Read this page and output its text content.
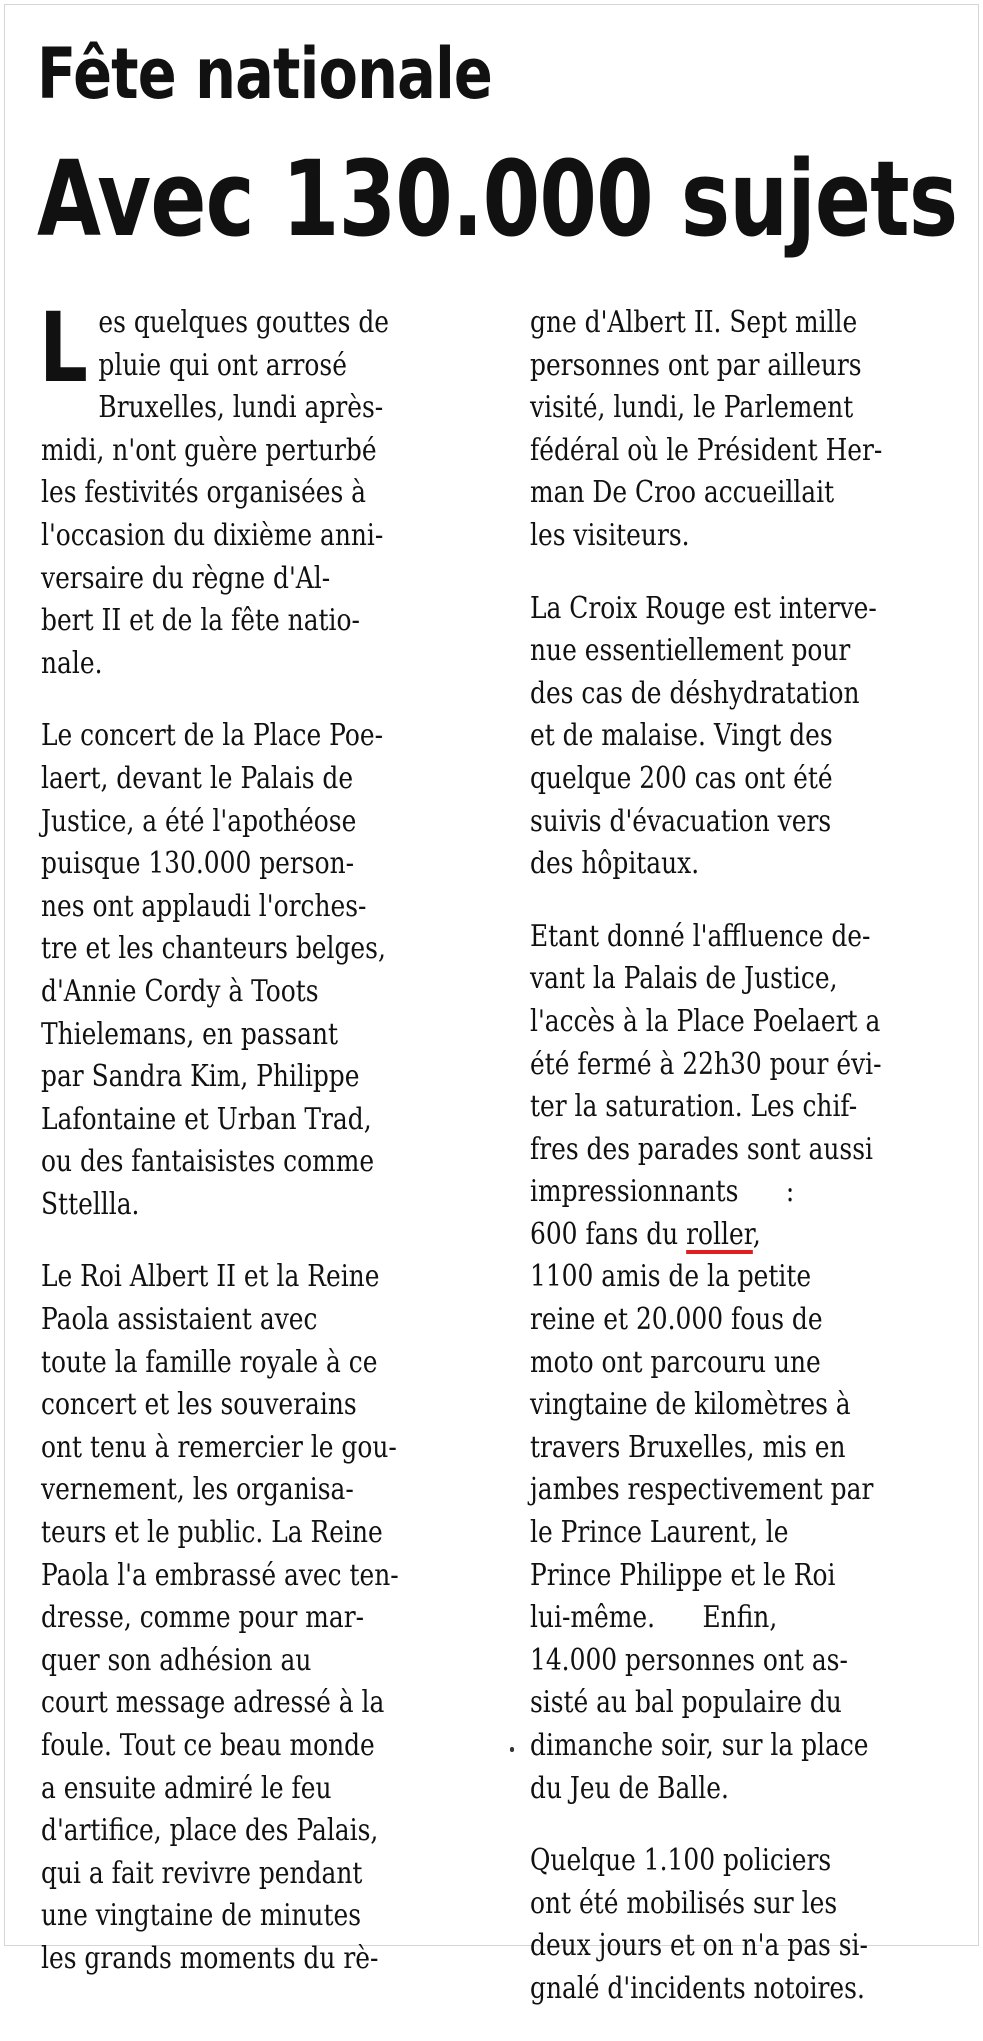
Fête nationale
Avec 130.000 sujets
L es quelques gouttes de
pluie qui ont arrosé
Bruxelles, lundi après-
midi, n'ont guère perturbé
les festivités organisées à
l'occasion du dixième anni-
versaire du règne d'Al-
bert II et de la fête natio-
nale.
Le concert de la Place Poe-
laert, devant le Palais de
Justice, a été l'apothéose
puisque 130.000 person-
nes ont applaudi l'orches-
tre et les chanteurs belges,
d'Annie Cordy à Toots
Thielemans, en passant
par Sandra Kim, Philippe
Lafontaine et Urban Trad,
ou des fantaisistes comme
Sttellla.
Le Roi Albert II et la Reine
Paola assistaient avec
toute la famille royale à ce
concert et les souverains
ont tenu à remercier le gou-
vernement, les organisa-
teurs et le public. La Reine
Paola l'a embrassé avec ten-
dresse, comme pour mar-
quer son adhésion au
court message adressé à la
foule. Tout ce beau monde
a ensuite admiré le feu
d'artifice, place des Palais,
qui a fait revivre pendant
une vingtaine de minutes
les grands moments du rè-
gne d'Albert II. Sept mille
personnes ont par ailleurs
visité, lundi, le Parlement
fédéral où le Président Her-
man De Croo accueillait
les visiteurs.
La Croix Rouge est interve-
nue essentiellement pour
des cas de déshydratation
et de malaise. Vingt des
quelque 200 cas ont été
suivis d'évacuation vers
des hôpitaux.
Etant donné l'affluence de-
vant la Palais de Justice,
l'accès à la Place Poelaert a
été fermé à 22h30 pour évi-
ter la saturation. Les chif-
fres des parades sont aussi
impressionnants      :
600 fans du roller,
1100 amis de la petite
reine et 20.000 fous de
moto ont parcouru une
vingtaine de kilomètres à
travers Bruxelles, mis en
jambes respectivement par
le Prince Laurent, le
Prince Philippe et le Roi
lui-même.      Enfin,
14.000 personnes ont as-
sisté au bal populaire du
dimanche soir, sur la place
du Jeu de Balle.
Quelque 1.100 policiers
ont été mobilisés sur les
deux jours et on n'a pas si-
gnalé d'incidents notoires.
